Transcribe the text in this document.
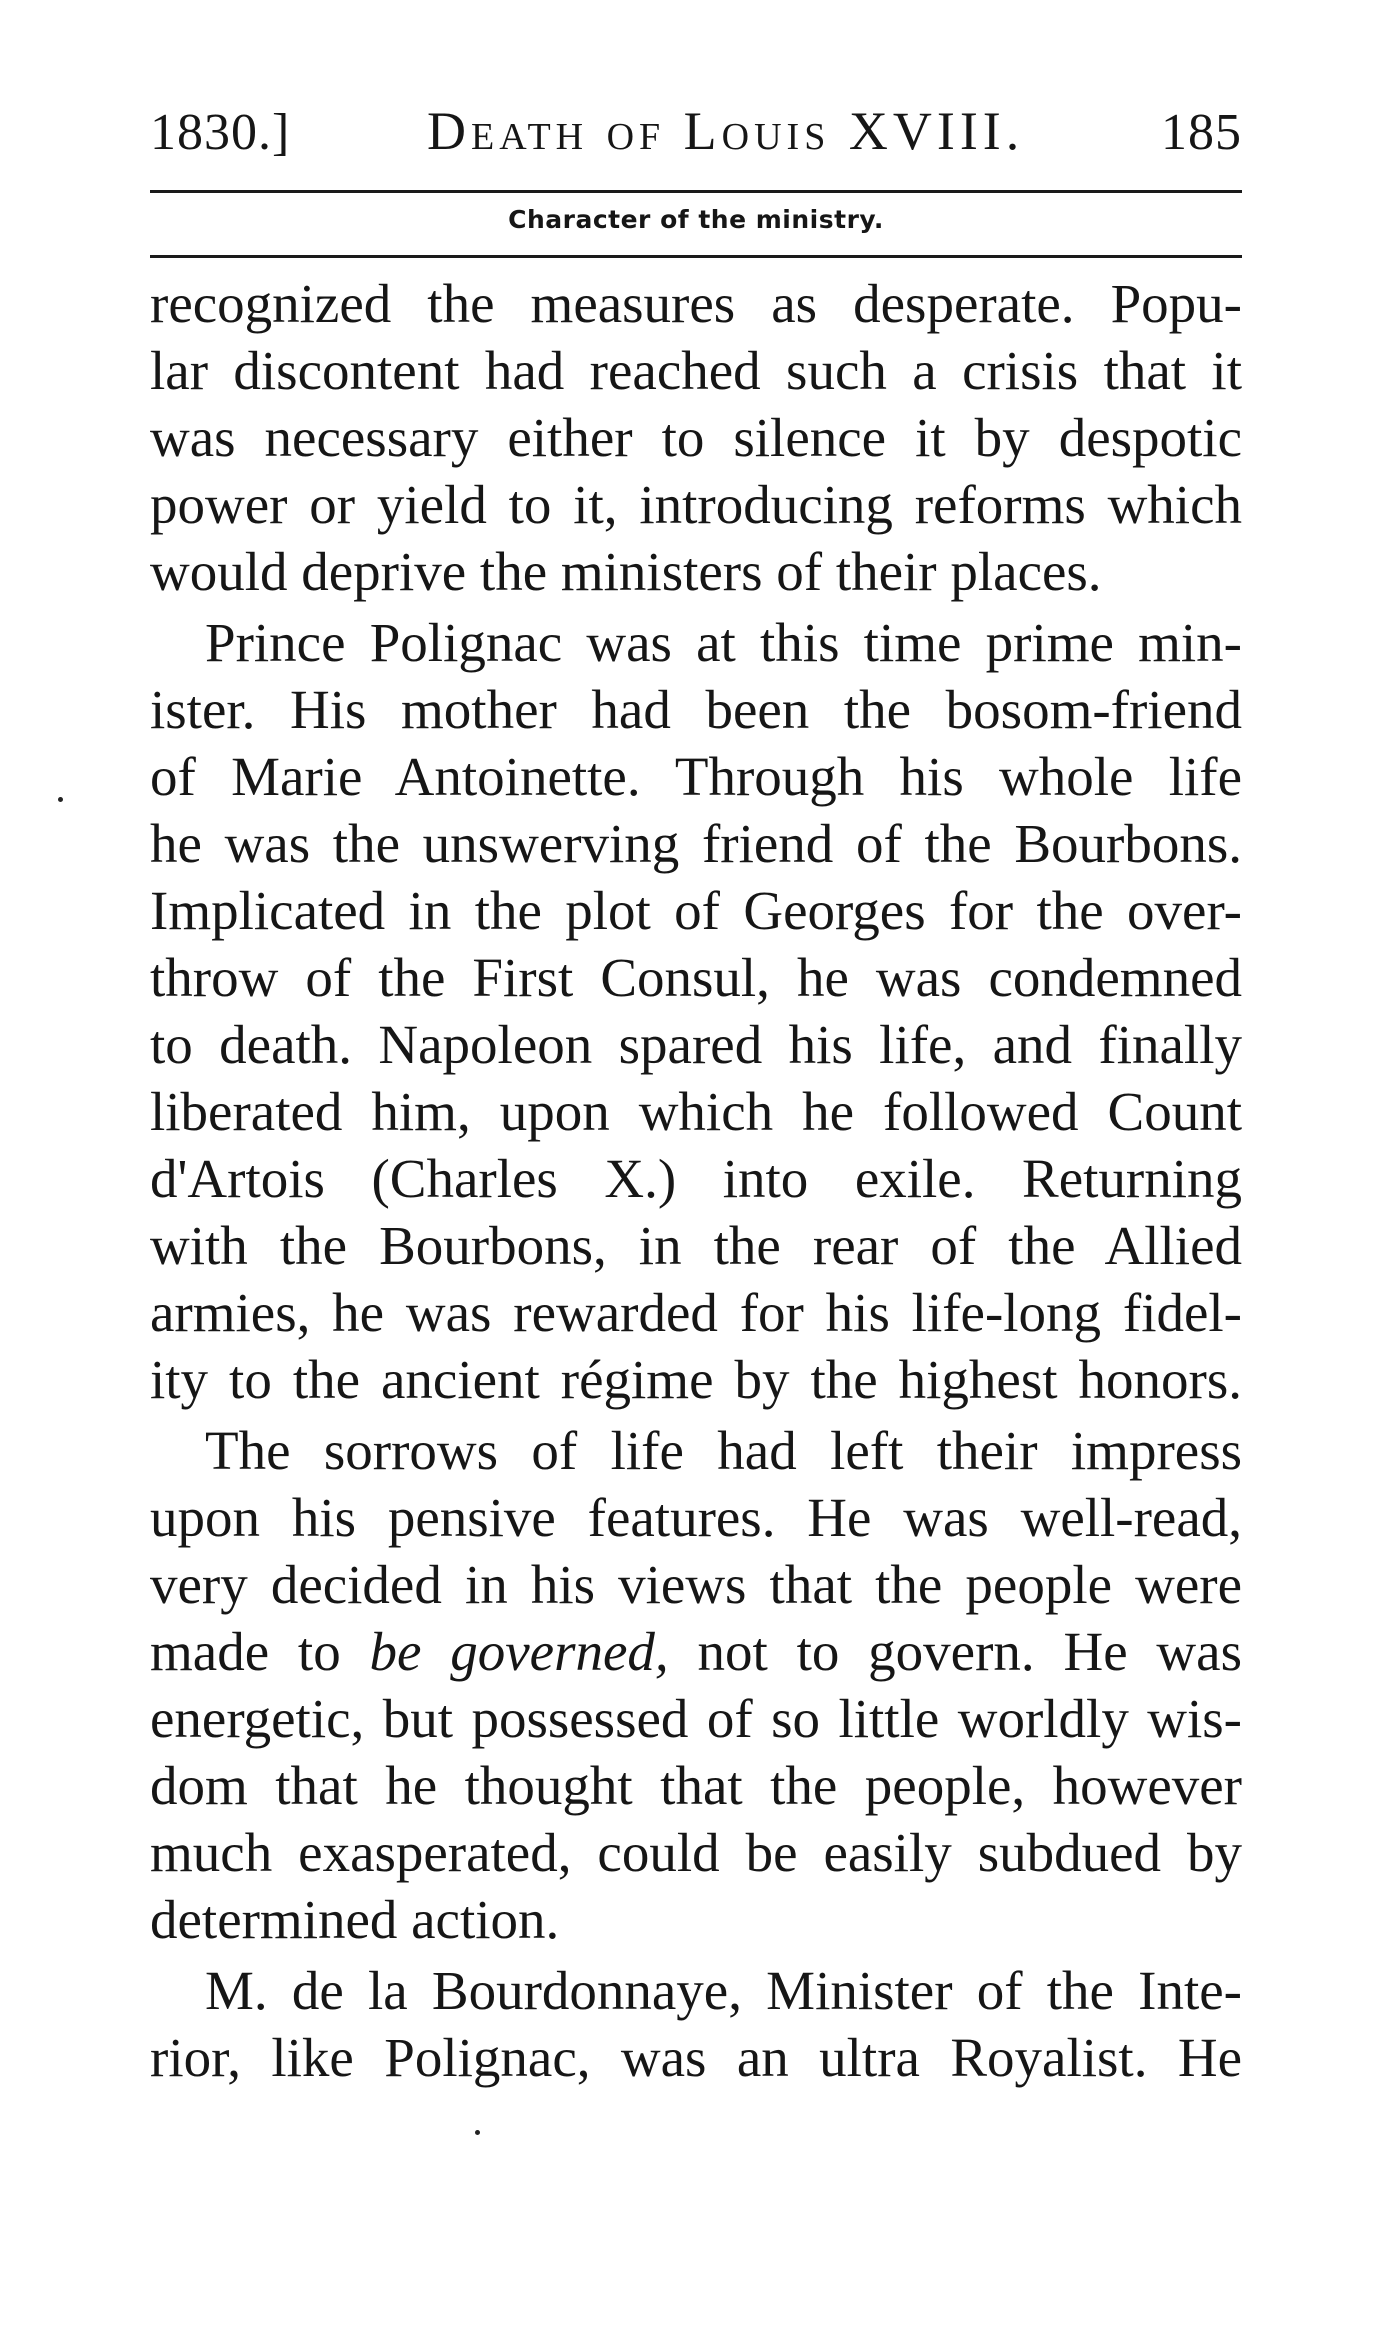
1830.]	Death of Louis XVIII.	185
Character of the ministry.
recognized the measures as desperate. Popu-
lar discontent had reached such a crisis that it
was necessary either to silence it by despotic
power or yield to it, introducing reforms which
would deprive the ministers of their places.
Prince Polignac was at this time prime min-
ister. His mother had been the bosom-friend
of Marie Antoinette. Through his whole life
he was the unswerving friend of the Bourbons.
Implicated in the plot of Georges for the over-
throw of the First Consul, he was condemned
to death. Napoleon spared his life, and finally
liberated him, upon which he followed Count
d'Artois (Charles X.) into exile. Returning
with the Bourbons, in the rear of the Allied
armies, he was rewarded for his life-long fidel-
ity to the ancient régime by the highest honors.
The sorrows of life had left their impress
upon his pensive features. He was well-read,
very decided in his views that the people were
made to be governed, not to govern. He was
energetic, but possessed of so little worldly wis-
dom that he thought that the people, however
much exasperated, could be easily subdued by
determined action.
M. de la Bourdonnaye, Minister of the Inte-
rior, like Polignac, was an ultra Royalist. He
